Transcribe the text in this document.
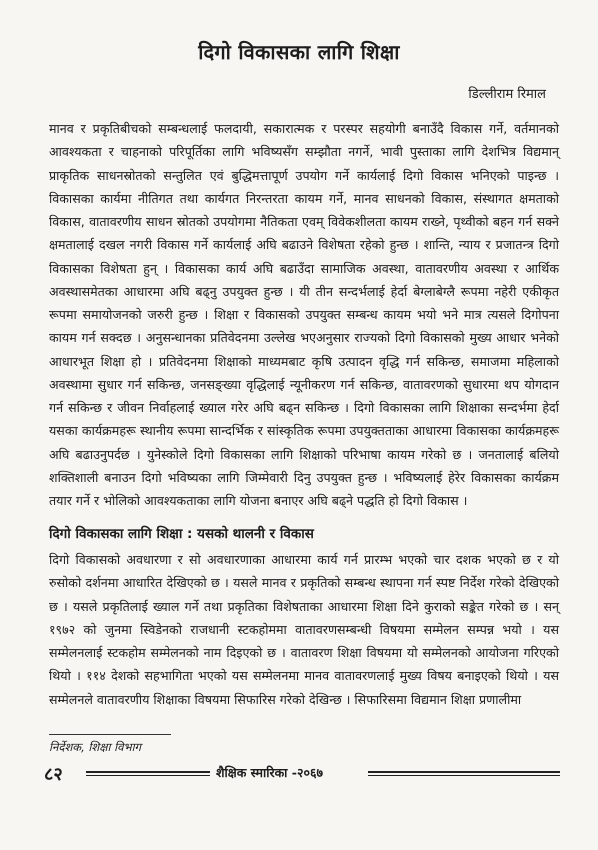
दिगो विकासका लागि शिक्षा
डिल्लीराम रिमाल

मानव र प्रकृतिबीचको सम्बन्धलाई फलदायी, सकारात्मक र परस्पर सहयोगी बनाउँदै विकास गर्ने, वर्तमानको आवश्यकता र चाहनाको परिपूर्तिका लागि भविष्यसँग सम्झौता नगर्ने, भावी पुस्ताका लागि देशभित्र विद्यमान् प्राकृतिक साधनस्रोतको सन्तुलित एवं बुद्धिमत्तापूर्ण उपयोग गर्ने कार्यलाई दिगो विकास भनिएको पाइन्छ । विकासका कार्यमा नीतिगत तथा कार्यगत निरन्तरता कायम गर्ने, मानव साधनको विकास, संस्थागत क्षमताको विकास, वातावरणीय साधन स्रोतको उपयोगमा नैतिकता एवम् विवेकशीलता कायम राख्ने, पृथ्वीको बहन गर्न सक्ने क्षमतालाई दखल नगरी विकास गर्ने कार्यलाई अघि बढाउने विशेषता रहेको हुन्छ । शान्ति, न्याय र प्रजातन्त्र दिगो विकासका विशेषता हुन् । विकासका कार्य अघि बढाउँदा सामाजिक अवस्था, वातावरणीय अवस्था र आर्थिक अवस्थासमेतका आधारमा अघि बढ्नु उपयुक्त हुन्छ । यी तीन सन्दर्भलाई हेर्दा बेग्लाबेग्लै रूपमा नहेरी एकीकृत रूपमा समायोजनको जरुरी हुन्छ । शिक्षा र विकासको उपयुक्त सम्बन्ध कायम भयो भने मात्र त्यसले दिगोपना कायम गर्न सक्दछ । अनुसन्धानका प्रतिवेदनमा उल्लेख भएअनुसार राज्यको दिगो विकासको मुख्य आधार भनेको आधारभूत शिक्षा हो । प्रतिवेदनमा शिक्षाको माध्यमबाट कृषि उत्पादन वृद्धि गर्न सकिन्छ, समाजमा महिलाको अवस्थामा सुधार गर्न सकिन्छ, जनसङ्ख्या वृद्धिलाई न्यूनीकरण गर्न सकिन्छ, वातावरणको सुधारमा थप योगदान गर्न सकिन्छ र जीवन निर्वाहलाई ख्याल गरेर अघि बढ्न सकिन्छ । दिगो विकासका लागि शिक्षाका सन्दर्भमा हेर्दा यसका कार्यक्रमहरू स्थानीय रूपमा सान्दर्भिक र सांस्कृतिक रूपमा उपयुक्तताका आधारमा विकासका कार्यक्रमहरू अघि बढाउनुपर्दछ । युनेस्कोले दिगो विकासका लागि शिक्षाको परिभाषा कायम गरेको छ । जनतालाई बलियो शक्तिशाली बनाउन दिगो भविष्यका लागि जिम्मेवारी दिनु उपयुक्त हुन्छ । भविष्यलाई हेरेर विकासका कार्यक्रम तयार गर्ने र भोलिको आवश्यकताका लागि योजना बनाएर अघि बढ्ने पद्धति हो दिगो विकास ।

दिगो विकासका लागि शिक्षा : यसको थालनी र विकास

दिगो विकासको अवधारणा र सो अवधारणाका आधारमा कार्य गर्न प्रारम्भ भएको चार दशक भएको छ र यो रुसोको दर्शनमा आधारित देखिएको छ । यसले मानव र प्रकृतिको सम्बन्ध स्थापना गर्न स्पष्ट निर्देश गरेको देखिएको छ । यसले प्रकृतिलाई ख्याल गर्ने तथा प्रकृतिका विशेषताका आधारमा शिक्षा दिने कुराको सङ्केत गरेको छ । सन् १९७२ को जुनमा स्विडेनको राजधानी स्टकहोममा वातावरणसम्बन्धी विषयमा सम्मेलन सम्पन्न भयो । यस सम्मेलनलाई स्टकहोम सम्मेलनको नाम दिइएको छ । वातावरण शिक्षा विषयमा यो सम्मेलनको आयोजना गरिएको थियो । ११४ देशको सहभागिता भएको यस सम्मेलनमा मानव वातावरणलाई मुख्य विषय बनाइएको थियो । यस सम्मेलनले वातावरणीय शिक्षाका विषयमा सिफारिस गरेको देखिन्छ । सिफारिसमा विद्यमान शिक्षा प्रणालीमा

निर्देशक, शिक्षा विभाग
८२	शैक्षिक स्मारिका -२०६७
